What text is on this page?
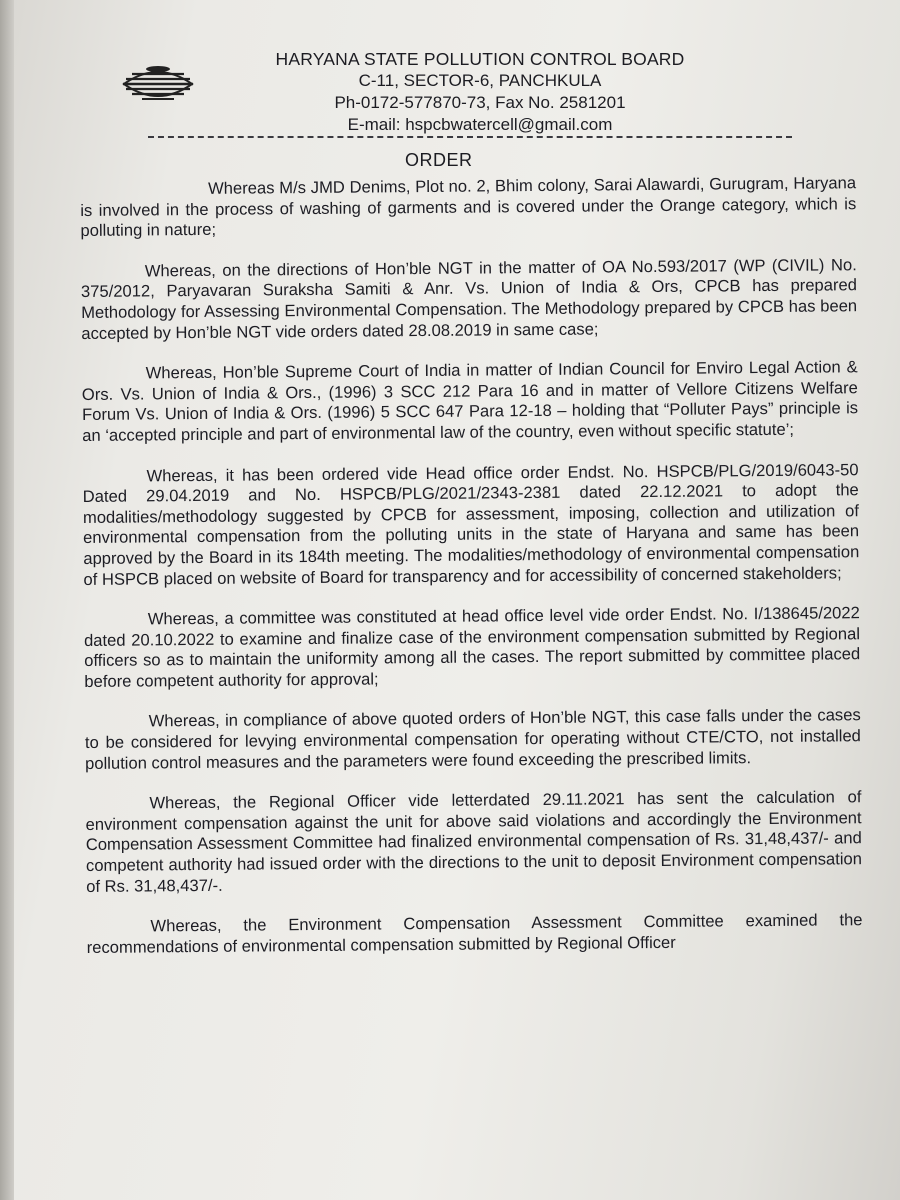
HARYANA STATE POLLUTION CONTROL BOARD
C-11, SECTOR-6, PANCHKULA
Ph-0172-577870-73, Fax No. 2581201
E-mail: hspcbwatercell@gmail.com
ORDER

Whereas M/s JMD Denims, Plot no. 2, Bhim colony, Sarai Alawardi, Gurugram, Haryana is involved in the process of washing of garments and is covered under the Orange category, which is polluting in nature;

Whereas, on the directions of Hon’ble NGT in the matter of OA No.593/2017 (WP (CIVIL) No. 375/2012, Paryavaran Suraksha Samiti & Anr. Vs. Union of India & Ors, CPCB has prepared Methodology for Assessing Environmental Compensation. The Methodology prepared by CPCB has been accepted by Hon’ble NGT vide orders dated 28.08.2019 in same case;

Whereas, Hon’ble Supreme Court of India in matter of Indian Council for Enviro Legal Action & Ors. Vs. Union of India & Ors., (1996) 3 SCC 212 Para 16 and in matter of Vellore Citizens Welfare Forum Vs. Union of India & Ors. (1996) 5 SCC 647 Para 12-18 – holding that “Polluter Pays” principle is an ‘accepted principle and part of environmental law of the country, even without specific statute’;

Whereas, it has been ordered vide Head office order Endst. No. HSPCB/PLG/2019/6043-50 Dated 29.04.2019 and No. HSPCB/PLG/2021/2343-2381 dated 22.12.2021 to adopt the modalities/methodology suggested by CPCB for assessment, imposing, collection and utilization of environmental compensation from the polluting units in the state of Haryana and same has been approved by the Board in its 184th meeting. The modalities/methodology of environmental compensation of HSPCB placed on website of Board for transparency and for accessibility of concerned stakeholders;

Whereas, a committee was constituted at head office level vide order Endst. No. I/138645/2022 dated 20.10.2022 to examine and finalize case of the environment compensation submitted by Regional officers so as to maintain the uniformity among all the cases. The report submitted by committee placed before competent authority for approval;

Whereas, in compliance of above quoted orders of Hon’ble NGT, this case falls under the cases to be considered for levying environmental compensation for operating without CTE/CTO, not installed pollution control measures and the parameters were found exceeding the prescribed limits.

Whereas, the Regional Officer vide letterdated 29.11.2021 has sent the calculation of environment compensation against the unit for above said violations and accordingly the Environment Compensation Assessment Committee had finalized environmental compensation of Rs. 31,48,437/- and competent authority had issued order with the directions to the unit to deposit Environment compensation of Rs. 31,48,437/-.

Whereas, the Environment Compensation Assessment Committee examined the recommendations of environmental compensation submitted by Regional Officer
